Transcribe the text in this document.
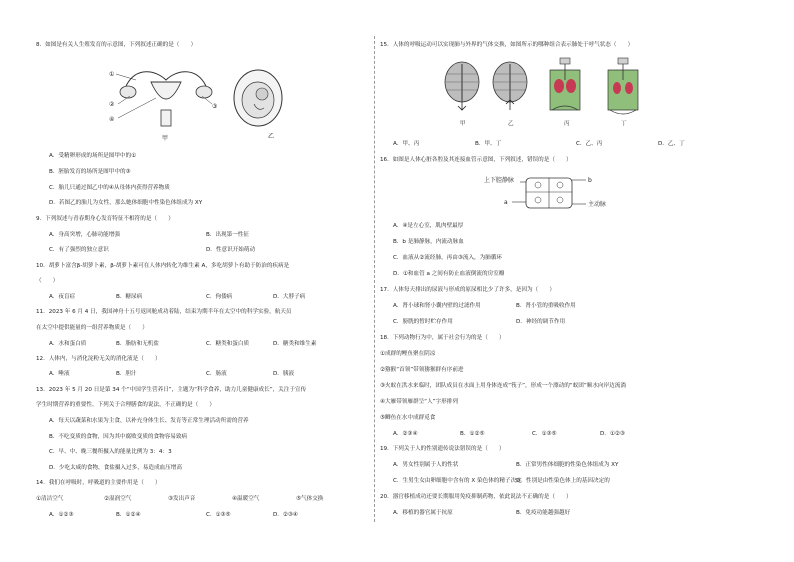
8．如图是有关人生殖发育的示意图，下列叙述正确的是（　　）
①
②
④
③
甲	乙
A．受精卵形成的场所是图甲中的①
B．胚胎发育的场所是图甲中的③
C．胎儿只通过图乙中的④从母体内获得营养物质
D．若图乙的胎儿为女性，那么她体细胞中性染色体组成为 XY
9．下列叙述与青春期身心发育特征不相符的是（　　）
A．身高突增，心肺功能增强	B．出现第一性征
C．有了强烈的独立意识	D．性意识开始萌动
10．胡萝卜富含β-胡萝卜素，β-胡萝卜素可在人体内转化为维生素 A，多吃胡萝卜有助于防治的疾病是
（　　）
A．夜盲症	B．糖尿病	C．佝偻病	D．大脖子病
11．2023 年 6 月 4 日，我国神舟十五号返回舱成功着陆，结束为期半年在太空中的科学实验，航天员
在太空中提供能量的一组营养物质是（　　）
A．水和蛋白质	B．脂肪和无机盐	C．糖类和蛋白质	D．糖类和维生素
12．人体内，与消化淀粉无关的消化液是（　　）
A．唾液	B．胆汁	C．肠液	D．胰液
13．2023 年 5 月 20 日是第 34 个“中国学生营养日”，主题为“科学食养，助力儿童健康成长”，关注于宣传
学生时期营养的重要性。下列关于合理膳食的说法，不正确的是（　　）
A．每天以蔬菜和水果为主食，以补充身体生长、发育等正常生理活动所需的营养
B．不吃变质的食物，因为其中腐败变质的食物容易致病
C．早、中、晚三餐所摄入的能量比例为 3：4：3
D．少吃太咸的食物，食盐摄入过多，易造成血压增高
14．我们在呼吸时，呼吸道的主要作用是（　　）
①清洁空气	②湿润空气	③发出声音	④温暖空气	⑤气体交换
A．①②③	B．①②④	C．①③⑤	D．②③④
15．人体的呼吸运动可以实现肺与外界的气体交换，如图所示的哪种组合表示肺处于呼气状态（　　）
甲	乙	丙	丁
A．甲、丙	B．甲、丁	C．乙、丙	D．乙、丁
16．如图是人体心脏各腔及其连接血管示意图，下列叙述，错误的是（　　）
上下腔静脉	b
a	主动脉
A．④是左心室，肌肉壁最厚
B．b 是肺静脉，内流动脉血
C．血液从②流经肺，再由③流入，为肺循环
D．①和血管 a 之间有防止血液倒流的房室瓣
17．人体每天排出的尿液与形成的原尿相比少了许多，是因为（　　）
A．肾小球和肾小囊内壁的过滤作用	B．肾小管的重吸收作用
C．膀胱的暂时贮存作用	D．神经的调节作用
18．下列动物行为中，属于社会行为的是（　　）
①成群的鲤鱼聚在阴凉
②猕猴“首领”带领猕猴群有序前进
③火蚁在洪水来临时，团队成员在水面上用身体连成“筏子”，形成一个漂动的“蚁团”顺水向岸边流淌
④大雁带领雁群呈“人”字形排列
⑤鲫鱼在水中成群觅食
A．②③④	B．①②⑤	C．①③⑤	D．①②③
19．下列关于人的性别遗传说法错误的是（　　）
A．男女性别属于人的性状	B．正常男性体细胞的性染色体组成为 XY
C．生男生女由卵细胞中含有的 X 染色体的精子决定
D．性别是由性染色体上的基因决定的
20．器官移植成功还要长期服用免疫抑制药物，依此说法不正确的是（　　）
A．移植的器官属于抗原	B．免疫功能越强越好
